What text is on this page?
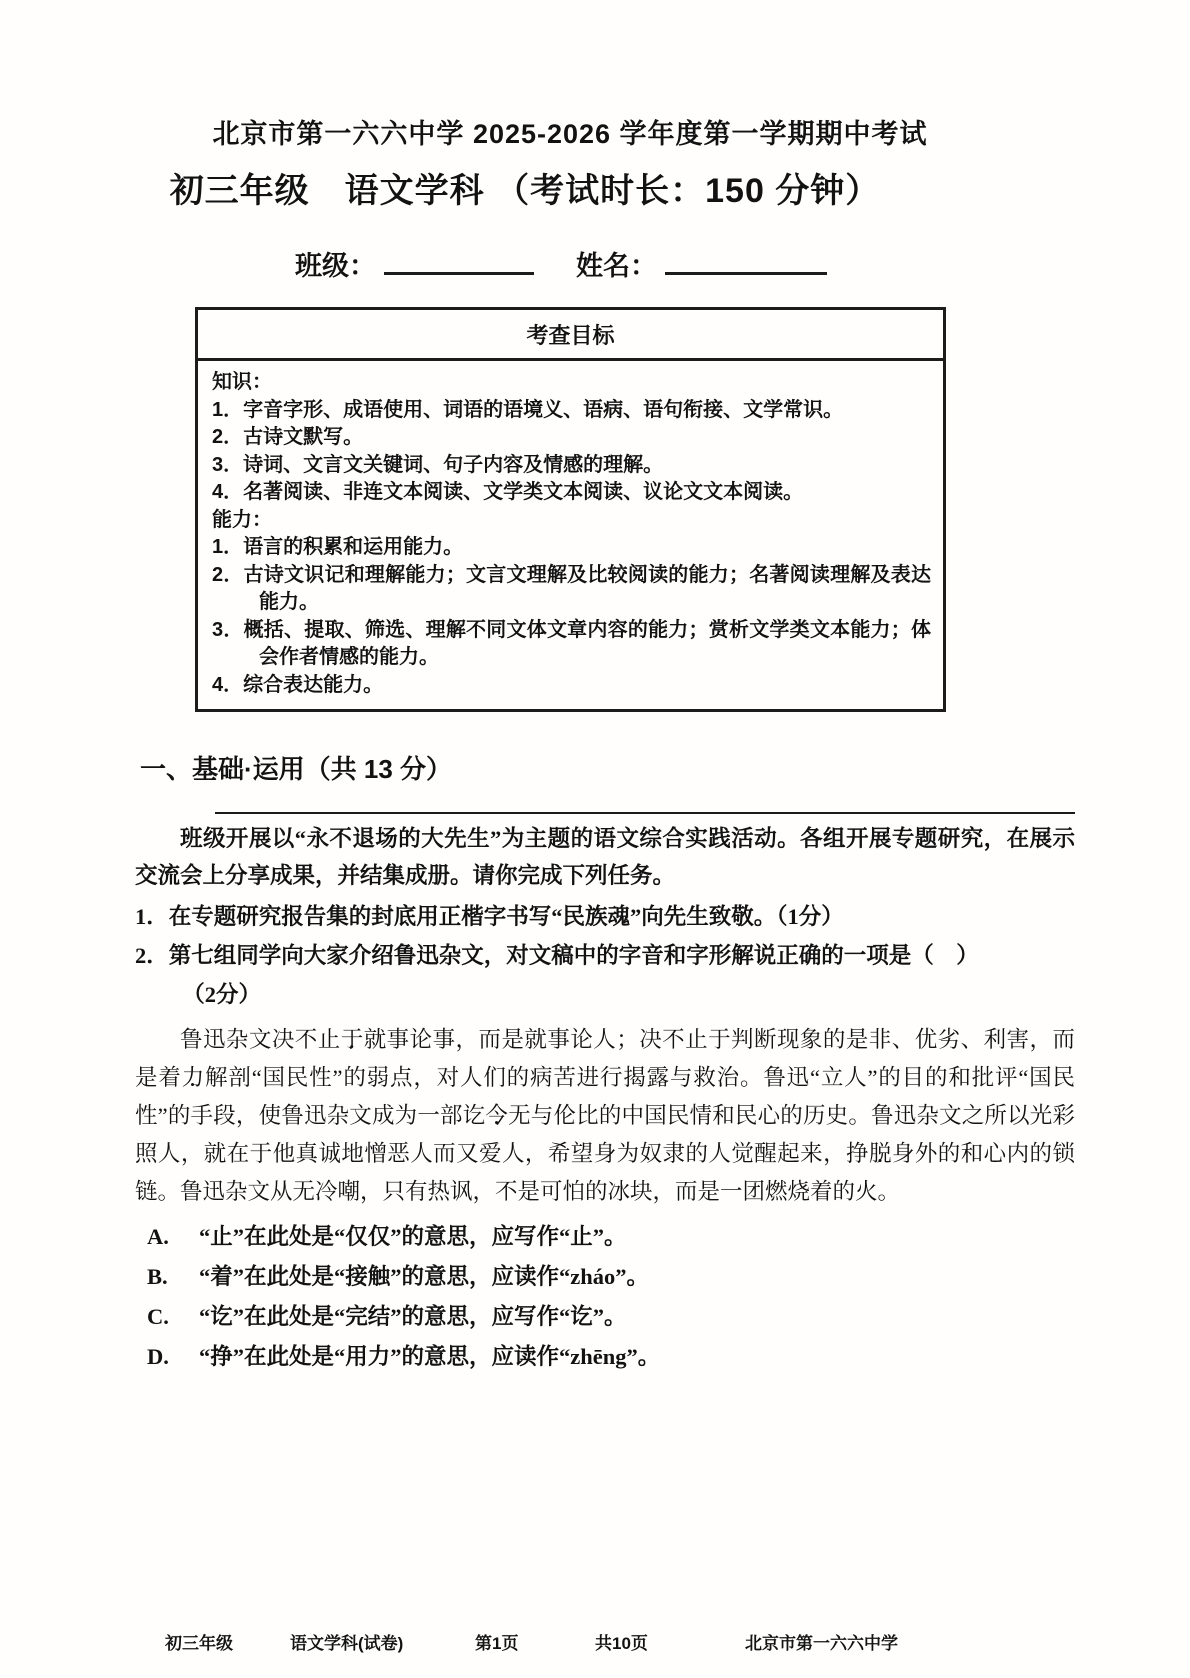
北京市第一六六中学 2025-2026 学年度第一学期期中考试
初三年级　语文学科 （考试时长：150 分钟）
班级：	姓名：
考查目标
知识：
1．字音字形、成语使用、词语的语境义、语病、语句衔接、文学常识。
2．古诗文默写。
3．诗词、文言文关键词、句子内容及情感的理解。
4．名著阅读、非连文本阅读、文学类文本阅读、议论文文本阅读。
能力：
1．语言的积累和运用能力。
2．古诗文识记和理解能力；文言文理解及比较阅读的能力；名著阅读理解及表达能力。
3．概括、提取、筛选、理解不同文体文章内容的能力；赏析文学类文本能力；体会作者情感的能力。
4．综合表达能力。
一、基础·运用（共 13 分）

班级开展以“永不退场的大先生”为主题的语文综合实践活动。各组开展专题研究，在展示交流会上分享成果，并结集成册。请你完成下列任务。

1．在专题研究报告集的封底用正楷字书写“民族魂”向先生致敬。（1分）
2．第七组同学向大家介绍鲁迅杂文，对文稿中的字音和字形解说正确的一项是（　）
（2分）

鲁迅杂文决不止于就事论事，而是就事论人；决不止于判断现象的是非、优劣、利害，而是着力解剖“国民性”的弱点，对人们的病苦进行揭露与救治。鲁迅“立人”的目的和批评“国民性”的手段，使鲁迅杂文成为一部讫今无与伦比的中国民情和民心的历史。鲁迅杂文之所以光彩照人，就在于他真诚地憎恶人而又爱人，希望身为奴隶的人觉醒起来，挣脱身外的和心内的锁链。鲁迅杂文从无冷嘲，只有热讽，不是可怕的冰块，而是一团燃烧着的火。

A.	“止”在此处是“仅仅”的意思，应写作“止”。
B.	“着”在此处是“接触”的意思，应读作“zháo”。
C.	“讫”在此处是“完结”的意思，应写作“讫”。
D.	“挣”在此处是“用力”的意思，应读作“zhēng”。
初三年级	语文学科(试卷)	第1页	共10页	北京市第一六六中学
